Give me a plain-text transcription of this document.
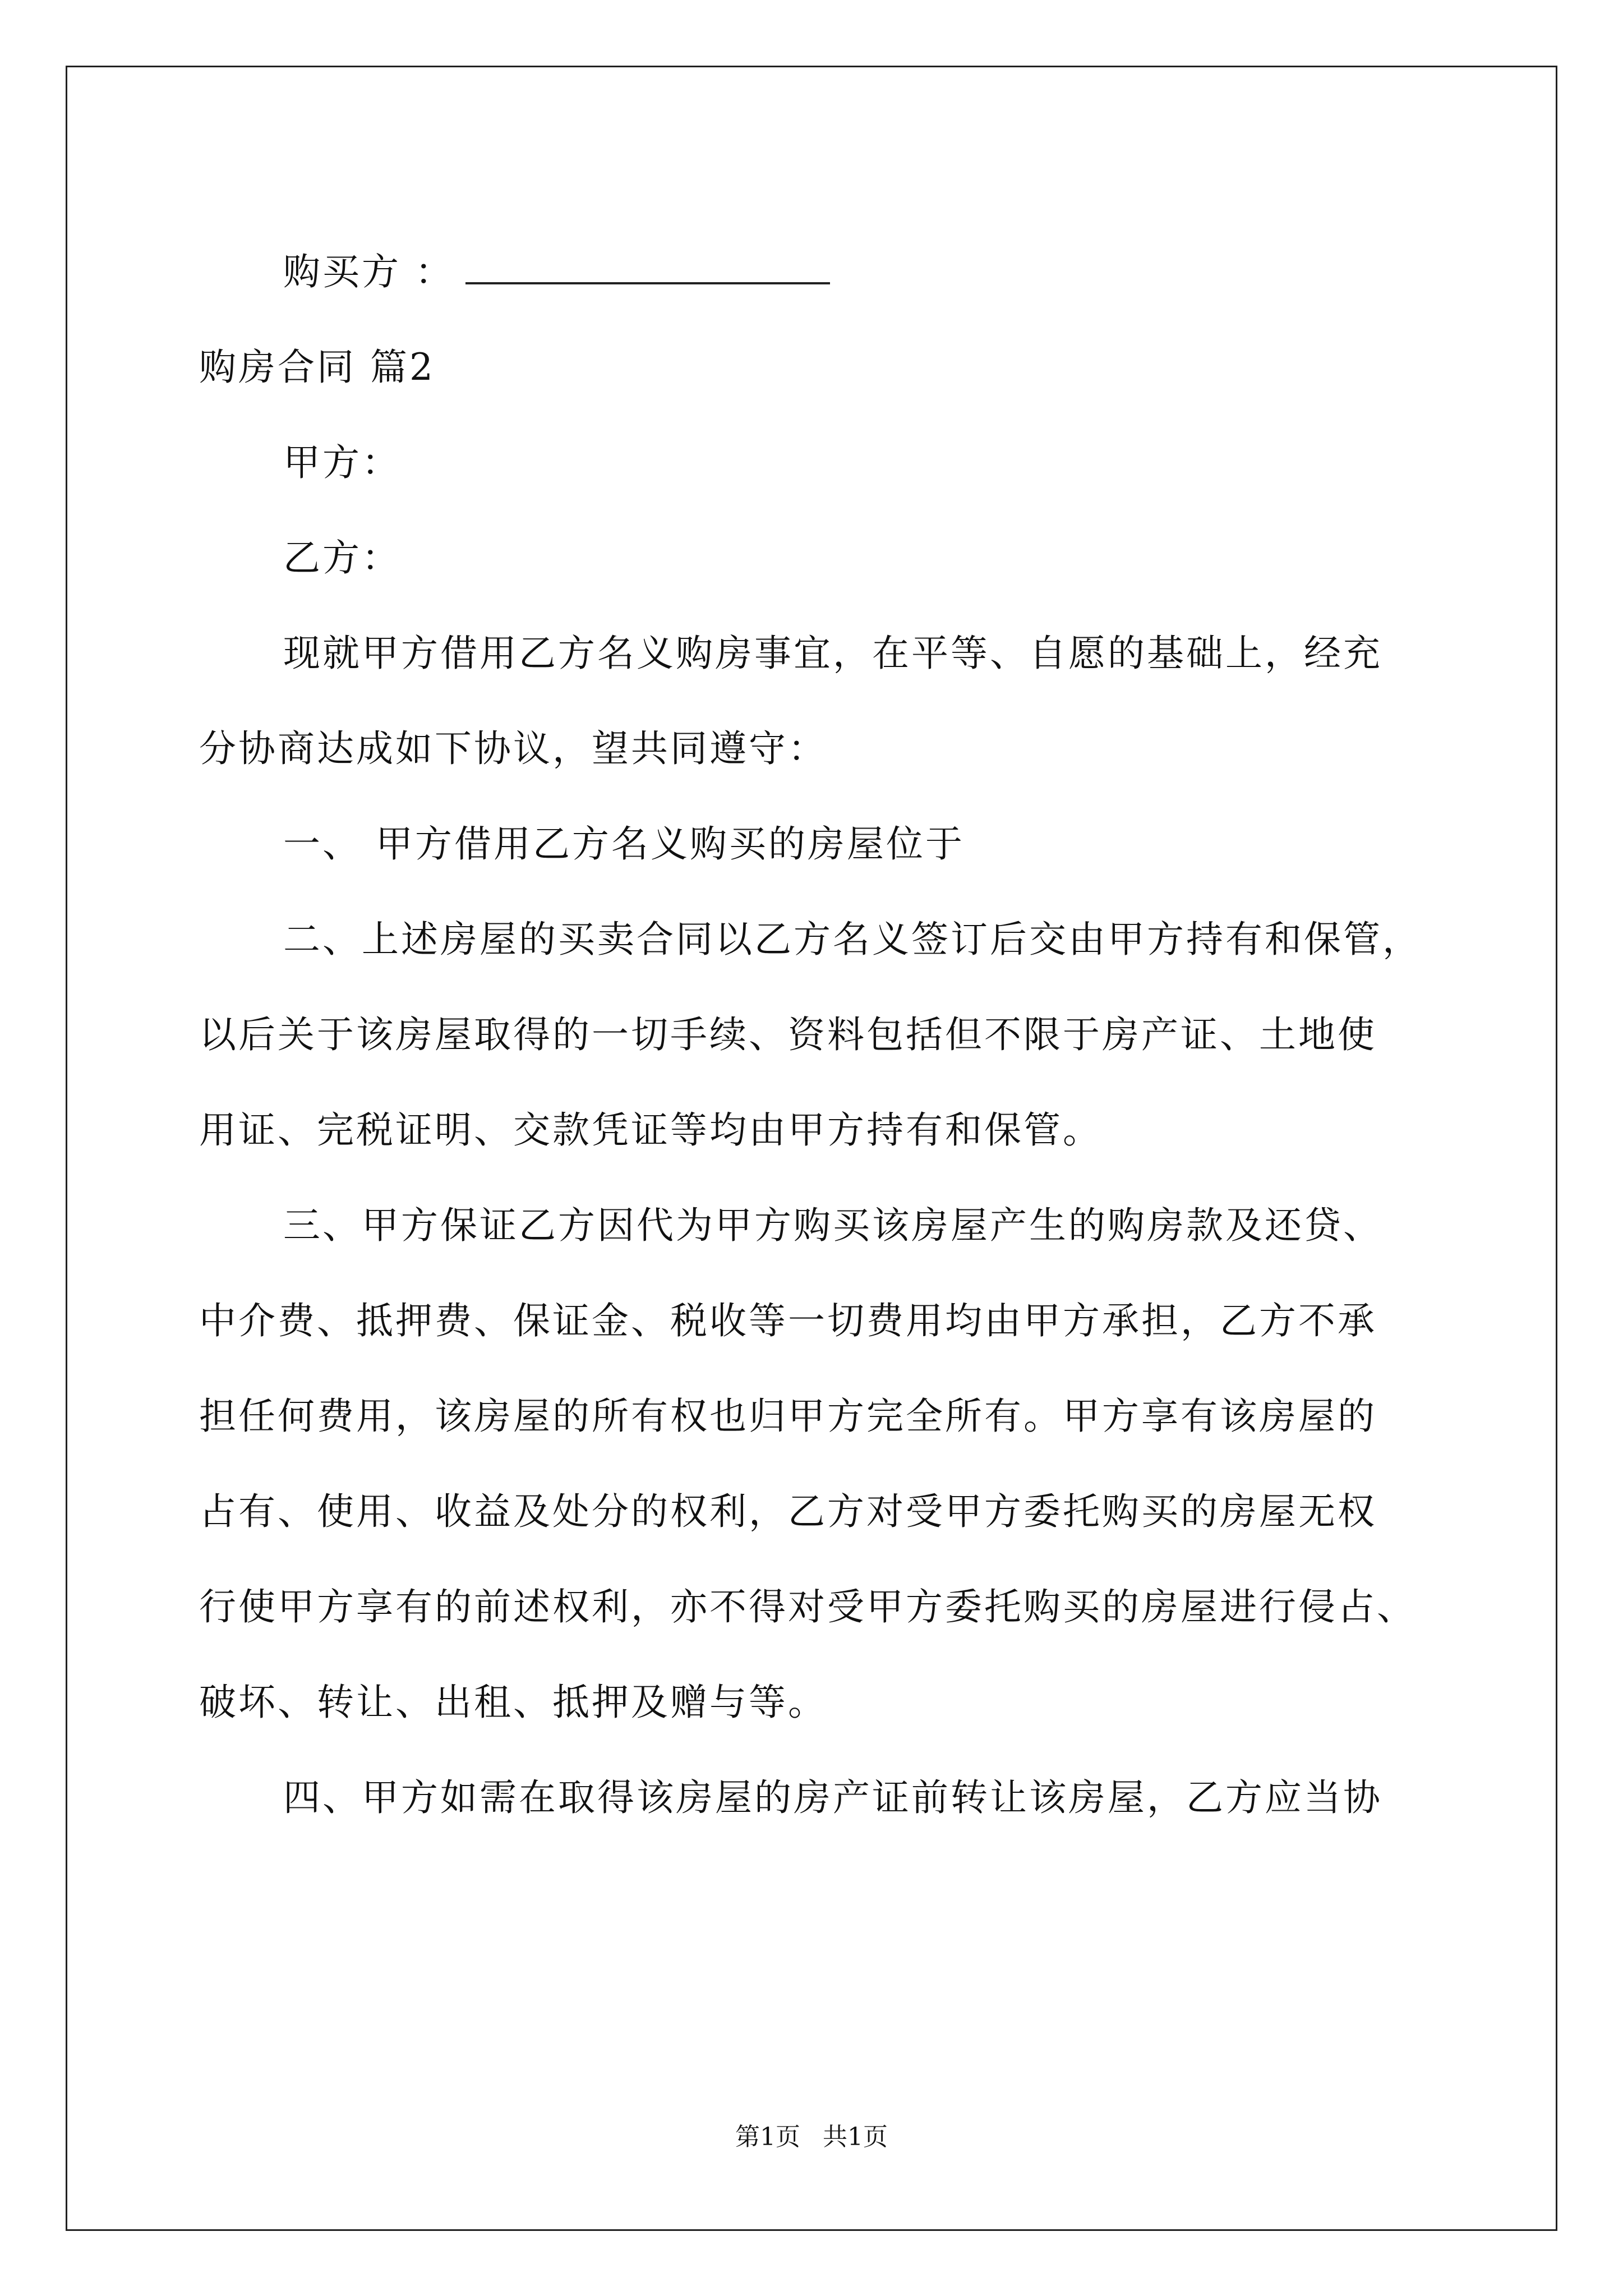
购买方 ：
购房合同 篇2
甲方：
乙方：
现就甲方借用乙方名义购房事宜，在平等、自愿的基础上，经充
分协商达成如下协议，望共同遵守：
一、 甲方借用乙方名义购买的房屋位于
二、上述房屋的买卖合同以乙方名义签订后交由甲方持有和保管，
以后关于该房屋取得的一切手续、资料包括但不限于房产证、土地使
用证、完税证明、交款凭证等均由甲方持有和保管。
三、甲方保证乙方因代为甲方购买该房屋产生的购房款及还贷、
中介费、抵押费、保证金、税收等一切费用均由甲方承担，乙方不承
担任何费用，该房屋的所有权也归甲方完全所有。甲方享有该房屋的
占有、使用、收益及处分的权利，乙方对受甲方委托购买的房屋无权
行使甲方享有的前述权利，亦不得对受甲方委托购买的房屋进行侵占、
破坏、转让、出租、抵押及赠与等。
四、甲方如需在取得该房屋的房产证前转让该房屋，乙方应当协
第1页 共1页
